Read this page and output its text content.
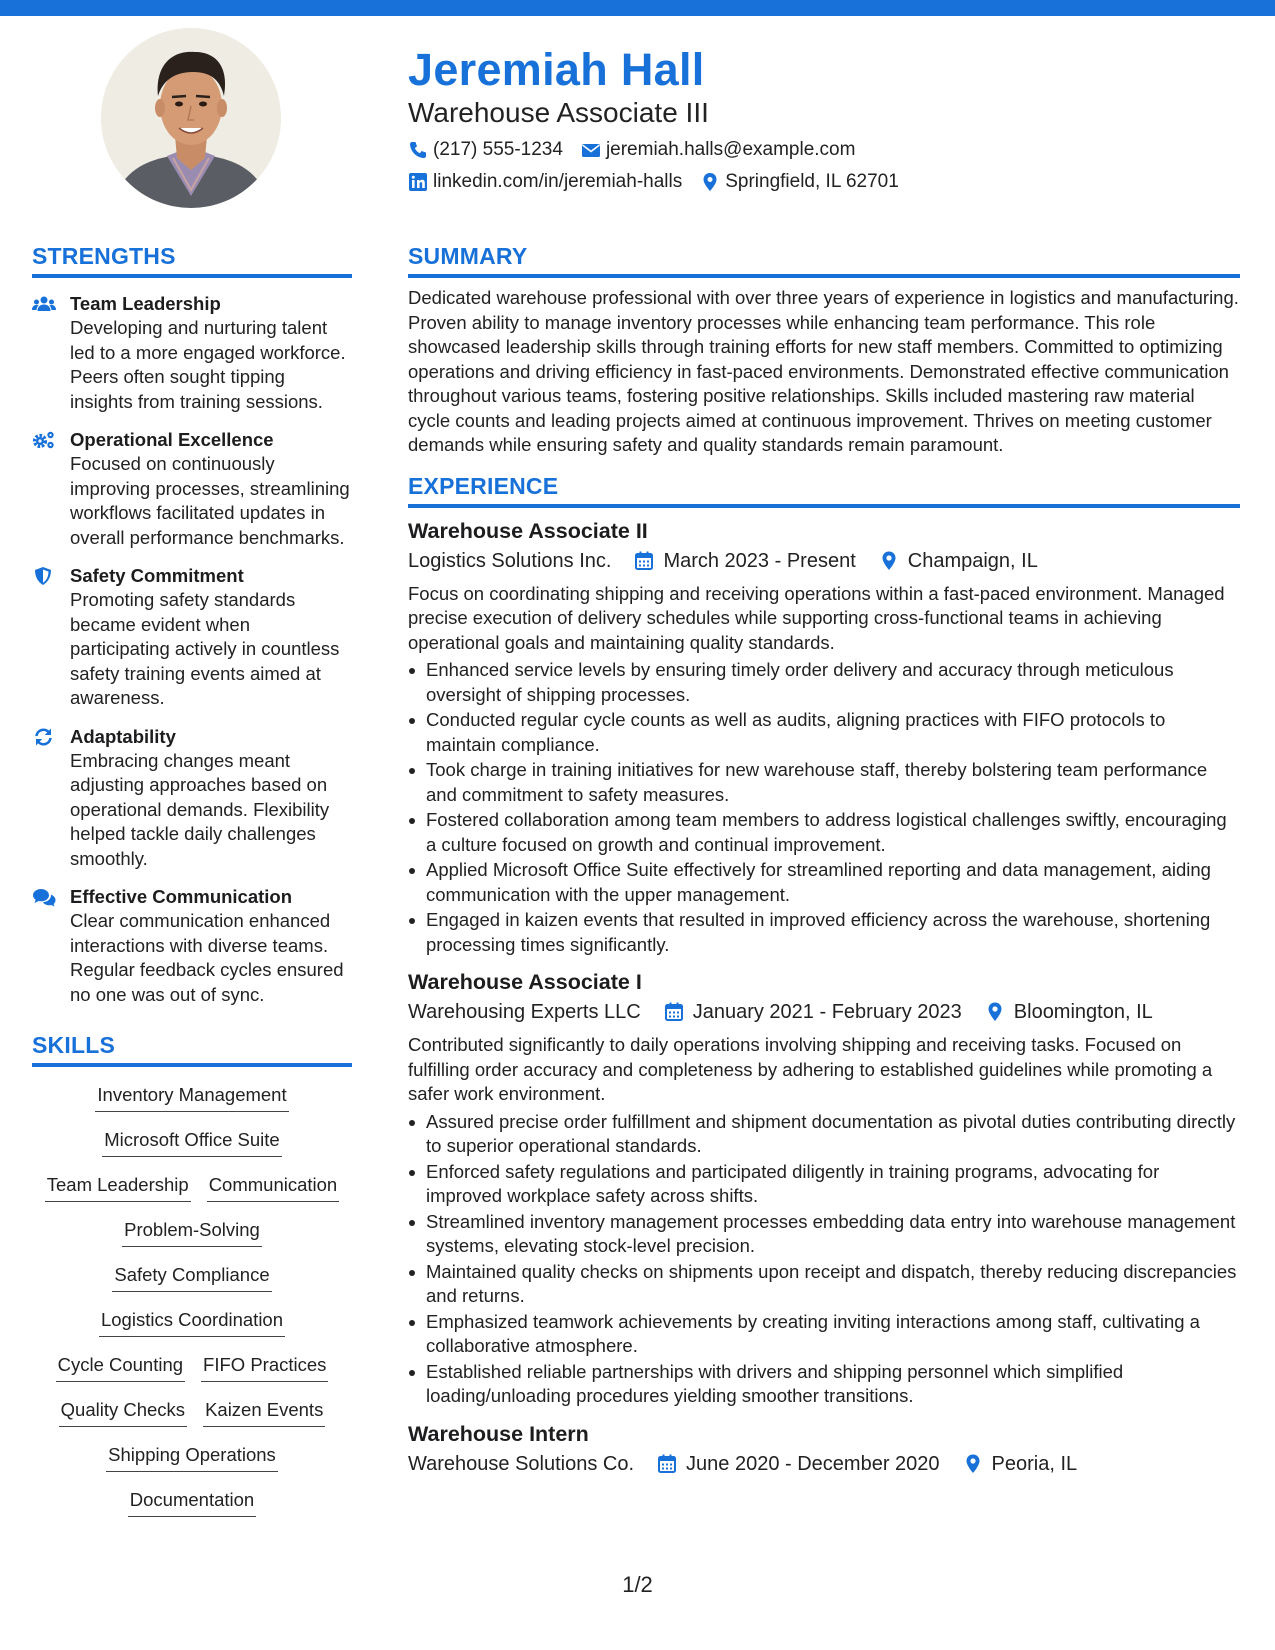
Jeremiah Hall
Warehouse Associate III
(217) 555-1234 jeremiah.halls@example.com
linkedin.com/in/jeremiah-halls Springfield, IL 62701
STRENGTHS
Team Leadership
Developing and nurturing talent led to a more engaged workforce. Peers often sought tipping insights from training sessions.
Operational Excellence
Focused on continuously improving processes, streamlining workflows facilitated updates in overall performance benchmarks.
Safety Commitment
Promoting safety standards became evident when participating actively in countless safety training events aimed at awareness.
Adaptability
Embracing changes meant adjusting approaches based on operational demands. Flexibility helped tackle daily challenges smoothly.
Effective Communication
Clear communication enhanced interactions with diverse teams. Regular feedback cycles ensured no one was out of sync.
SKILLS
Inventory Management
Microsoft Office Suite
Team Leadership Communication
Problem-Solving
Safety Compliance
Logistics Coordination
Cycle Counting FIFO Practices
Quality Checks Kaizen Events
Shipping Operations
Documentation
SUMMARY
Dedicated warehouse professional with over three years of experience in logistics and manufacturing. Proven ability to manage inventory processes while enhancing team performance. This role showcased leadership skills through training efforts for new staff members. Committed to optimizing operations and driving efficiency in fast-paced environments. Demonstrated effective communication throughout various teams, fostering positive relationships. Skills included mastering raw material cycle counts and leading projects aimed at continuous improvement. Thrives on meeting customer demands while ensuring safety and quality standards remain paramount.
EXPERIENCE
Warehouse Associate II
Logistics Solutions Inc.	March 2023 - Present	Champaign, IL
Focus on coordinating shipping and receiving operations within a fast-paced environment. Managed precise execution of delivery schedules while supporting cross-functional teams in achieving operational goals and maintaining quality standards.
Enhanced service levels by ensuring timely order delivery and accuracy through meticulous oversight of shipping processes.
Conducted regular cycle counts as well as audits, aligning practices with FIFO protocols to maintain compliance.
Took charge in training initiatives for new warehouse staff, thereby bolstering team performance and commitment to safety measures.
Fostered collaboration among team members to address logistical challenges swiftly, encouraging a culture focused on growth and continual improvement.
Applied Microsoft Office Suite effectively for streamlined reporting and data management, aiding communication with the upper management.
Engaged in kaizen events that resulted in improved efficiency across the warehouse, shortening processing times significantly.
Warehouse Associate I
Warehousing Experts LLC	January 2021 - February 2023	Bloomington, IL
Contributed significantly to daily operations involving shipping and receiving tasks. Focused on fulfilling order accuracy and completeness by adhering to established guidelines while promoting a safer work environment.
Assured precise order fulfillment and shipment documentation as pivotal duties contributing directly to superior operational standards.
Enforced safety regulations and participated diligently in training programs, advocating for improved workplace safety across shifts.
Streamlined inventory management processes embedding data entry into warehouse management systems, elevating stock-level precision.
Maintained quality checks on shipments upon receipt and dispatch, thereby reducing discrepancies and returns.
Emphasized teamwork achievements by creating inviting interactions among staff, cultivating a collaborative atmosphere.
Established reliable partnerships with drivers and shipping personnel which simplified loading/unloading procedures yielding smoother transitions.
Warehouse Intern
Warehouse Solutions Co.	June 2020 - December 2020	Peoria, IL
1/2
